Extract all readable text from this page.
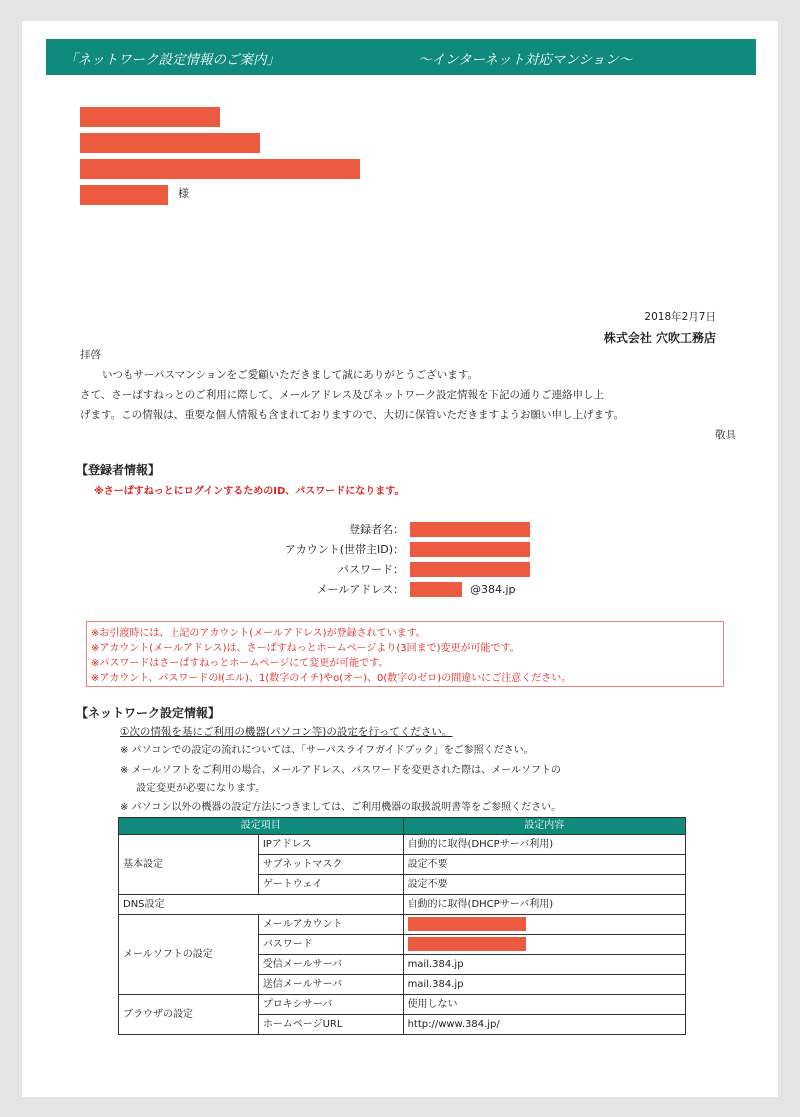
「ネットワーク設定情報のご案内」	～インターネット対応マンション～
様
2018年2月7日
株式会社 穴吹工務店
拝啓
いつもサーパスマンションをご愛顧いただきまして誠にありがとうございます。
さて、さーぱすねっとのご利用に際して、メールアドレス及びネットワーク設定情報を下記の通りご連絡申し上
げます。この情報は、重要な個人情報も含まれておりますので、大切に保管いただきますようお願い申し上げます。
敬具
【登録者情報】
※さーぱすねっとにログインするためのID、パスワードになります。
登録者名：
アカウント(世帯主ID)：
パスワード：
メールアドレス：	@384.jp
※お引渡時には、上記のアカウント(メールアドレス)が登録されています。
※アカウント(メールアドレス)は、さーぱすねっとホームページより(3回まで)変更が可能です。
※パスワードはさーぱすねっとホームページにて変更が可能です。
※アカウント、パスワードのl(エル)、1(数字のイチ)やo(オー)、0(数字のゼロ)の間違いにご注意ください。
【ネットワーク設定情報】
①次の情報を基にご利用の機器(パソコン等)の設定を行ってください。
※ パソコンでの設定の流れについては、「サーパスライフガイドブック」をご参照ください。
※ メールソフトをご利用の場合、メールアドレス、パスワードを変更された際は、メールソフトの
設定変更が必要になります。
※ パソコン以外の機器の設定方法につきましては、ご利用機器の取扱説明書等をご参照ください。
設定項目		設定内容
基本設定	IPアドレス	自動的に取得(DHCPサーバ利用)
	サブネットマスク	設定不要
	ゲートウェイ	設定不要
DNS設定		自動的に取得(DHCPサーバ利用)
メールソフトの設定	メールアカウント	
	パスワード	
	受信メールサーバ	mail.384.jp
	送信メールサーバ	mail.384.jp
ブラウザの設定	プロキシサーバ	使用しない
	ホームページURL	http://www.384.jp/
